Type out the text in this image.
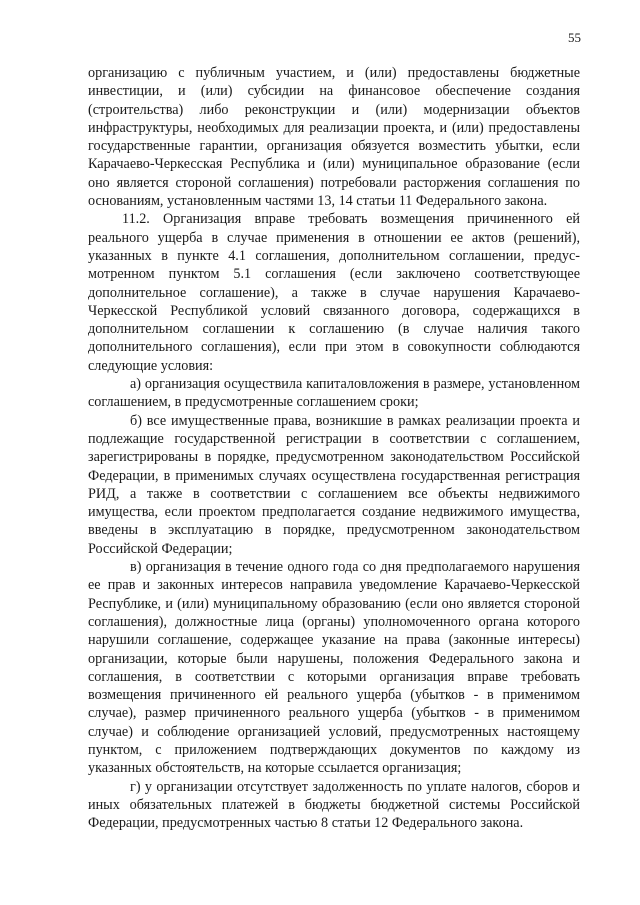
55

организацию с публичным участием, и (или) предоставлены бюджетные инвестиции, и (или) субсидии на финансовое обеспечение создания (строительства) либо реконструкции и (или) модернизации объектов инфраструктуры, необходимых для реализации проекта, и (или) предоставлены государственные гарантии, организация обязуется возместить убытки, если Карачаево-Черкесская Республика и (или) муниципальное образование (если оно является стороной соглашения) потребовали расторжения соглашения по основаниям, установленным частями 13, 14 статьи 11 Федерального закона.

11.2. Организация вправе требовать возмещения причиненного ей реального ущерба в случае применения в отношении ее актов (решений), указанных в пункте 4.1 соглашения, дополнительном соглашении, предусмотренном пунктом 5.1 соглашения (если заключено соответствующее дополнительное соглашение), а также в случае нарушения Карачаево-Черкесской Республикой условий связанного договора, содержащихся в дополнительном соглашении к соглашению (в случае наличия такого дополнительного соглашения), если при этом в совокупности соблюдаются следующие условия:

а) организация осуществила капиталовложения в размере, установленном соглашением, в предусмотренные соглашением сроки;

б) все имущественные права, возникшие в рамках реализации проекта и подлежащие государственной регистрации в соответствии с соглашением, зарегистрированы в порядке, предусмотренном законодательством Российской Федерации, в применимых случаях осуществлена государственная регистрация РИД, а также в соответствии с соглашением все объекты недвижимого имущества, если проектом предполагается создание недвижимого имущества, введены в эксплуатацию в порядке, предусмотренном законодательством Российской Федерации;

в) организация в течение одного года со дня предполагаемого нарушения ее прав и законных интересов направила уведомление Карачаево-Черкесской Республике, и (или) муниципальному образованию (если оно является стороной соглашения), должностные лица (органы) уполномоченного органа которого нарушили соглашение, содержащее указание на права (законные интересы) организации, которые были нарушены, положения Федерального закона и соглашения, в соответствии с которыми организация вправе требовать возмещения причиненного ей реального ущерба (убытков - в применимом случае), размер причиненного реального ущерба (убытков - в применимом случае) и соблюдение организацией условий, предусмотренных настоящему пунктом, с приложением подтверждающих документов по каждому из указанных обстоятельств, на которые ссылается организация;

г) у организации отсутствует задолженность по уплате налогов, сборов и иных обязательных платежей в бюджеты бюджетной системы Российской Федерации, предусмотренных частью 8 статьи 12 Федерального закона.
